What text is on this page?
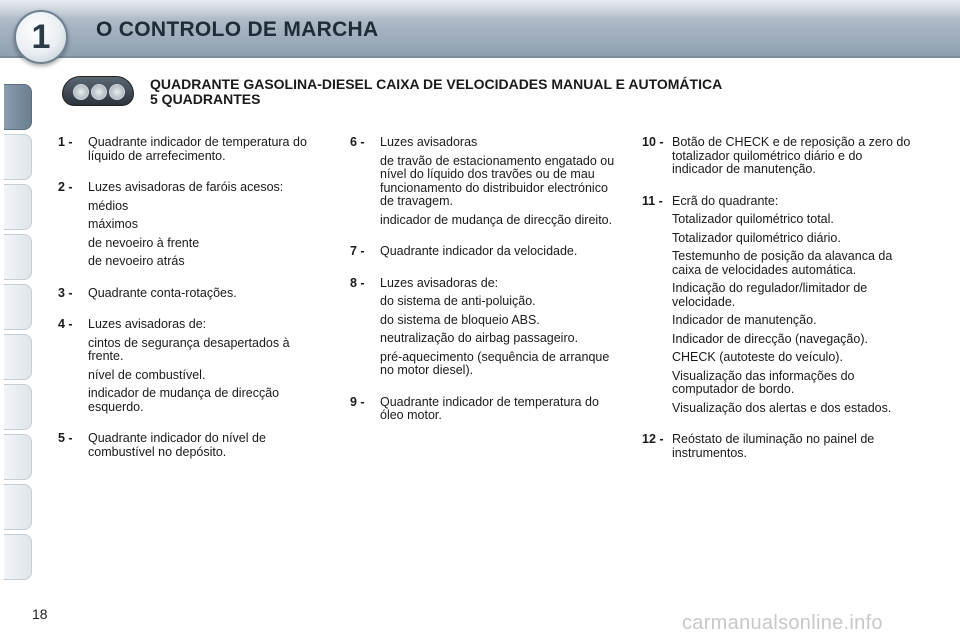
1 O CONTROLO DE MARCHA
QUADRANTE GASOLINA-DIESEL CAIXA DE VELOCIDADES MANUAL E AUTOMÁTICA
5 QUADRANTES
1 - Quadrante indicador de temperatura do líquido de arrefecimento.
2 - Luzes avisadoras de faróis acesos:
médios
máximos
de nevoeiro à frente
de nevoeiro atrás
3 - Quadrante conta-rotações.
4 - Luzes avisadoras de:
cintos de segurança desapertados à frente.
nível de combustível.
indicador de mudança de direcção esquerdo.
5 - Quadrante indicador do nível de combustível no depósito.
6 - Luzes avisadoras
de travão de estacionamento engatado ou nível do líquido dos travões ou de mau funcionamento do distribuidor electrónico de travagem.
indicador de mudança de direcção direito.
7 - Quadrante indicador da velocidade.
8 - Luzes avisadoras de:
do sistema de anti-poluição.
do sistema de bloqueio ABS.
neutralização do airbag passageiro.
pré-aquecimento (sequência de arranque no motor diesel).
9 - Quadrante indicador de temperatura do óleo motor.
10 - Botão de CHECK e de reposição a zero do totalizador quilométrico diário e do indicador de manutenção.
11 - Ecrã do quadrante:
Totalizador quilométrico total.
Totalizador quilométrico diário.
Testemunho de posição da alavanca da caixa de velocidades automática.
Indicação do regulador/limitador de velocidade.
Indicador de manutenção.
Indicador de direcção (navegação).
CHECK (autoteste do veículo).
Visualização das informações do computador de bordo.
Visualização dos alertas e dos estados.
12 - Reóstato de iluminação no painel de instrumentos.
18	carmanualsonline.info
